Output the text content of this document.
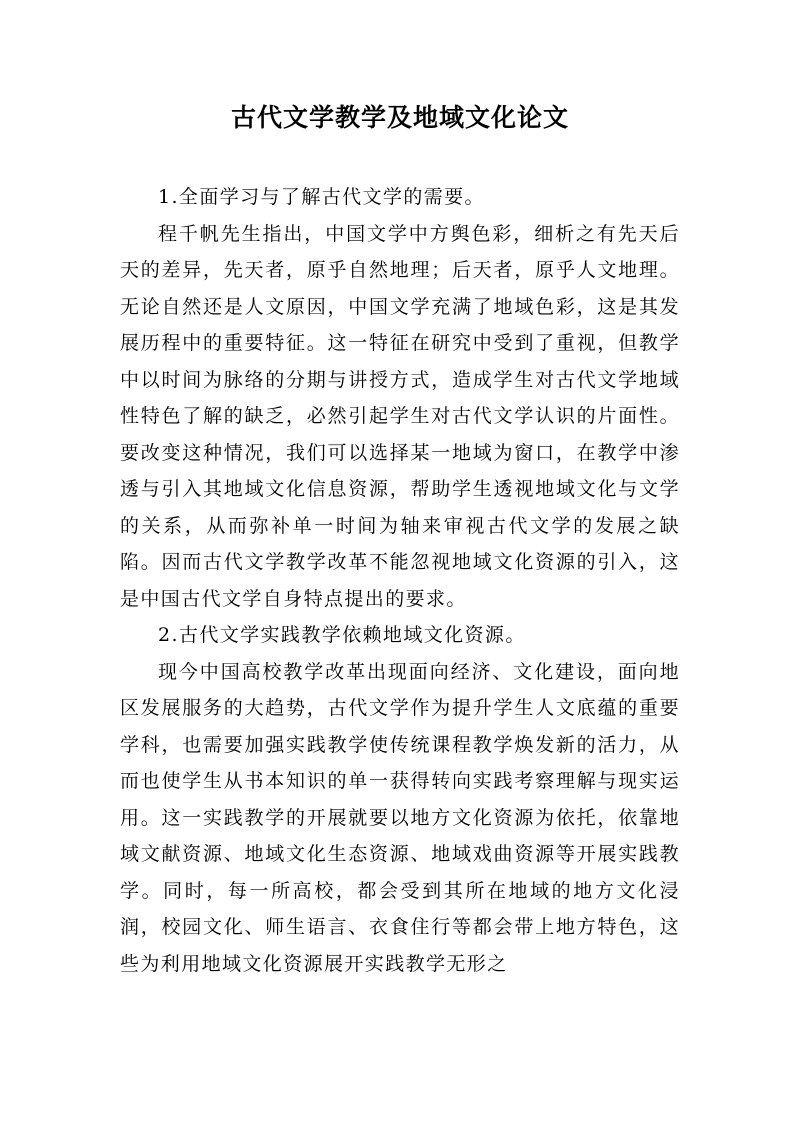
古代文学教学及地域文化论文

1.全面学习与了解古代文学的需要。

程千帆先生指出，中国文学中方舆色彩，细析之有先天后天的差异，先天者，原乎自然地理；后天者，原乎人文地理。无论自然还是人文原因，中国文学充满了地域色彩，这是其发展历程中的重要特征。这一特征在研究中受到了重视，但教学中以时间为脉络的分期与讲授方式，造成学生对古代文学地域性特色了解的缺乏，必然引起学生对古代文学认识的片面性。要改变这种情况，我们可以选择某一地域为窗口，在教学中渗透与引入其地域文化信息资源，帮助学生透视地域文化与文学的关系，从而弥补单一时间为轴来审视古代文学的发展之缺陷。因而古代文学教学改革不能忽视地域文化资源的引入，这是中国古代文学自身特点提出的要求。

2.古代文学实践教学依赖地域文化资源。

现今中国高校教学改革出现面向经济、文化建设，面向地区发展服务的大趋势，古代文学作为提升学生人文底蕴的重要学科，也需要加强实践教学使传统课程教学焕发新的活力，从而也使学生从书本知识的单一获得转向实践考察理解与现实运用。这一实践教学的开展就要以地方文化资源为依托，依靠地域文献资源、地域文化生态资源、地域戏曲资源等开展实践教学。同时，每一所高校，都会受到其所在地域的地方文化浸润，校园文化、师生语言、衣食住行等都会带上地方特色，这些为利用地域文化资源展开实践教学无形之
